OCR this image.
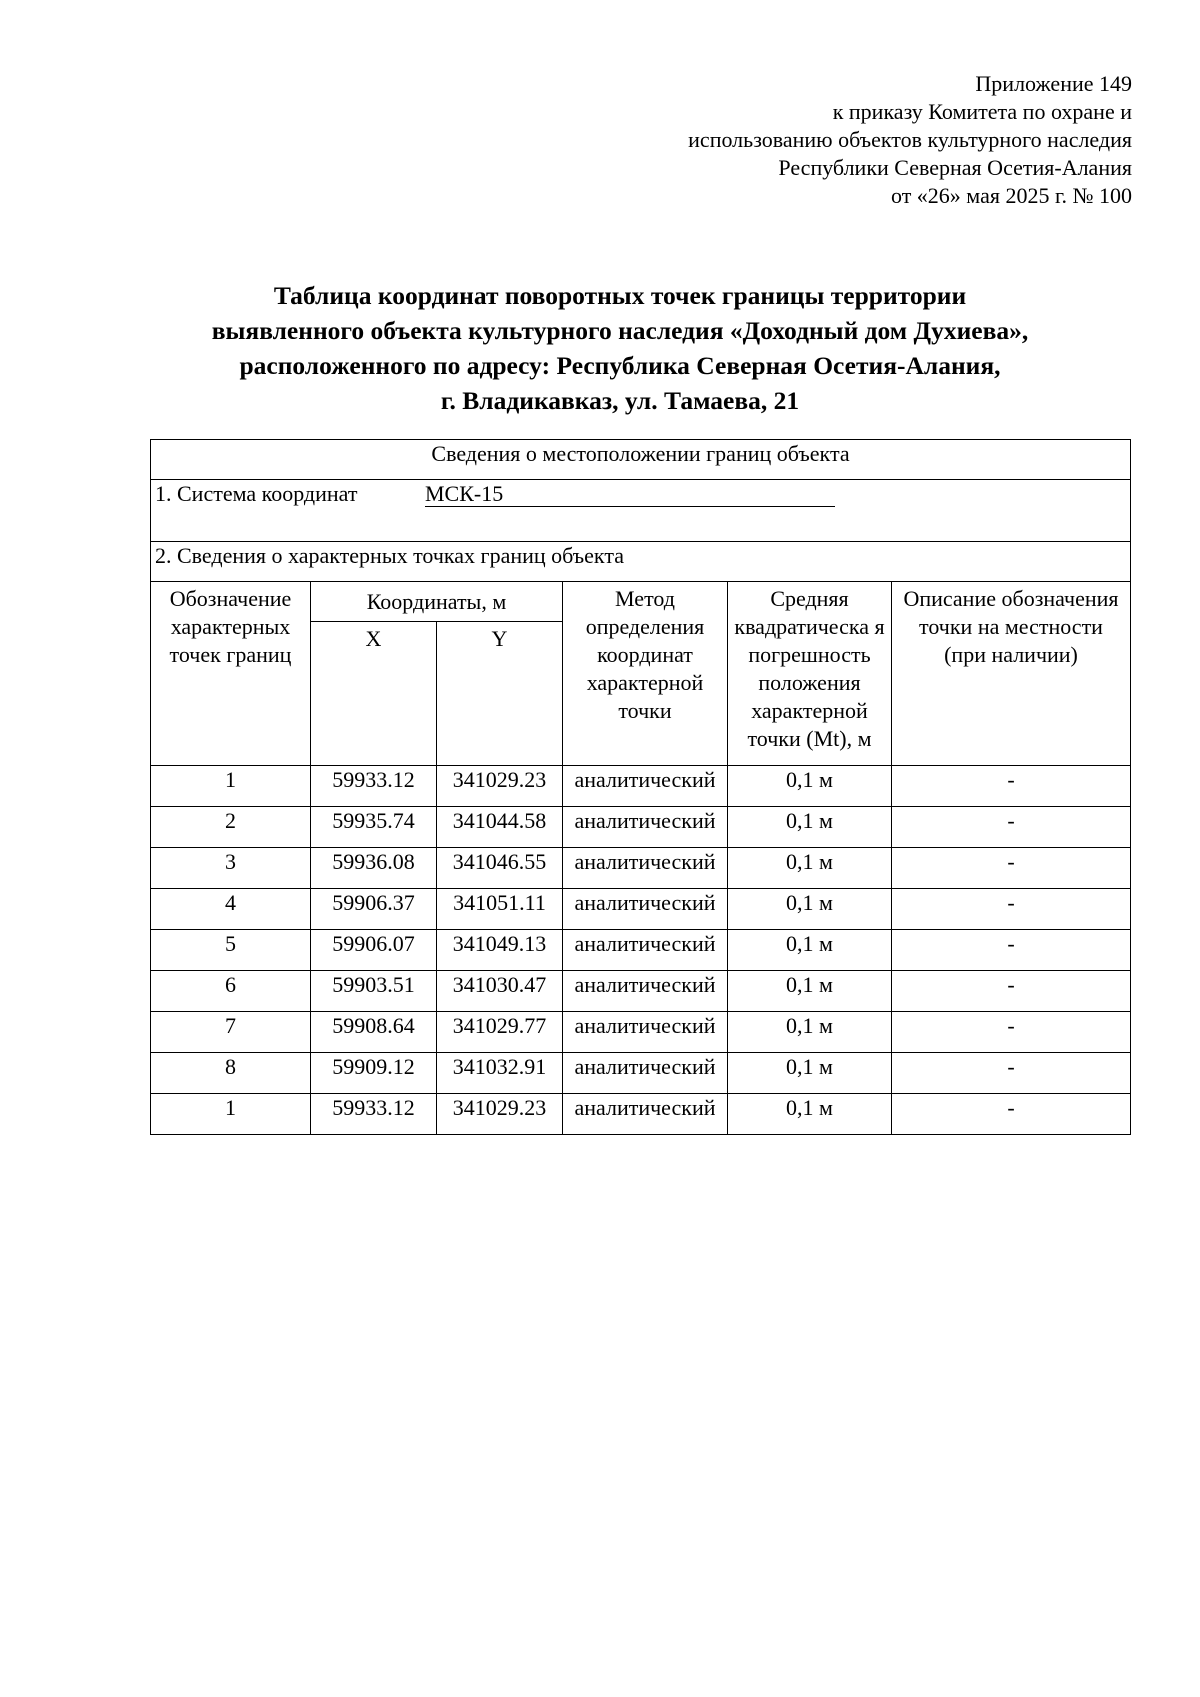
Приложение 149
к приказу Комитета по охране и
использованию объектов культурного наследия
Республики Северная Осетия-Алания
от «26» мая 2025 г. № 100
Таблица координат поворотных точек границы территории
выявленного объекта культурного наследия «Доходный дом Духиева»,
расположенного по адресу: Республика Северная Осетия-Алания,
г. Владикавказ, ул. Тамаева, 21
Сведения о местоположении границ объекта					
1. Система координат МСК-15					
2. Сведения о характерных точках границ объекта					
Обозначение характерных точек границ	Координаты, м		Метод определения координат характерной точки	Средняя квадратическа я погрешность положения характерной точки (Mt), м	Описание обозначения точки на местности (при наличии)
	X	Y			
1	59933.12	341029.23	аналитический	0,1 м	-
2	59935.74	341044.58	аналитический	0,1 м	-
3	59936.08	341046.55	аналитический	0,1 м	-
4	59906.37	341051.11	аналитический	0,1 м	-
5	59906.07	341049.13	аналитический	0,1 м	-
6	59903.51	341030.47	аналитический	0,1 м	-
7	59908.64	341029.77	аналитический	0,1 м	-
8	59909.12	341032.91	аналитический	0,1 м	-
1	59933.12	341029.23	аналитический	0,1 м	-
